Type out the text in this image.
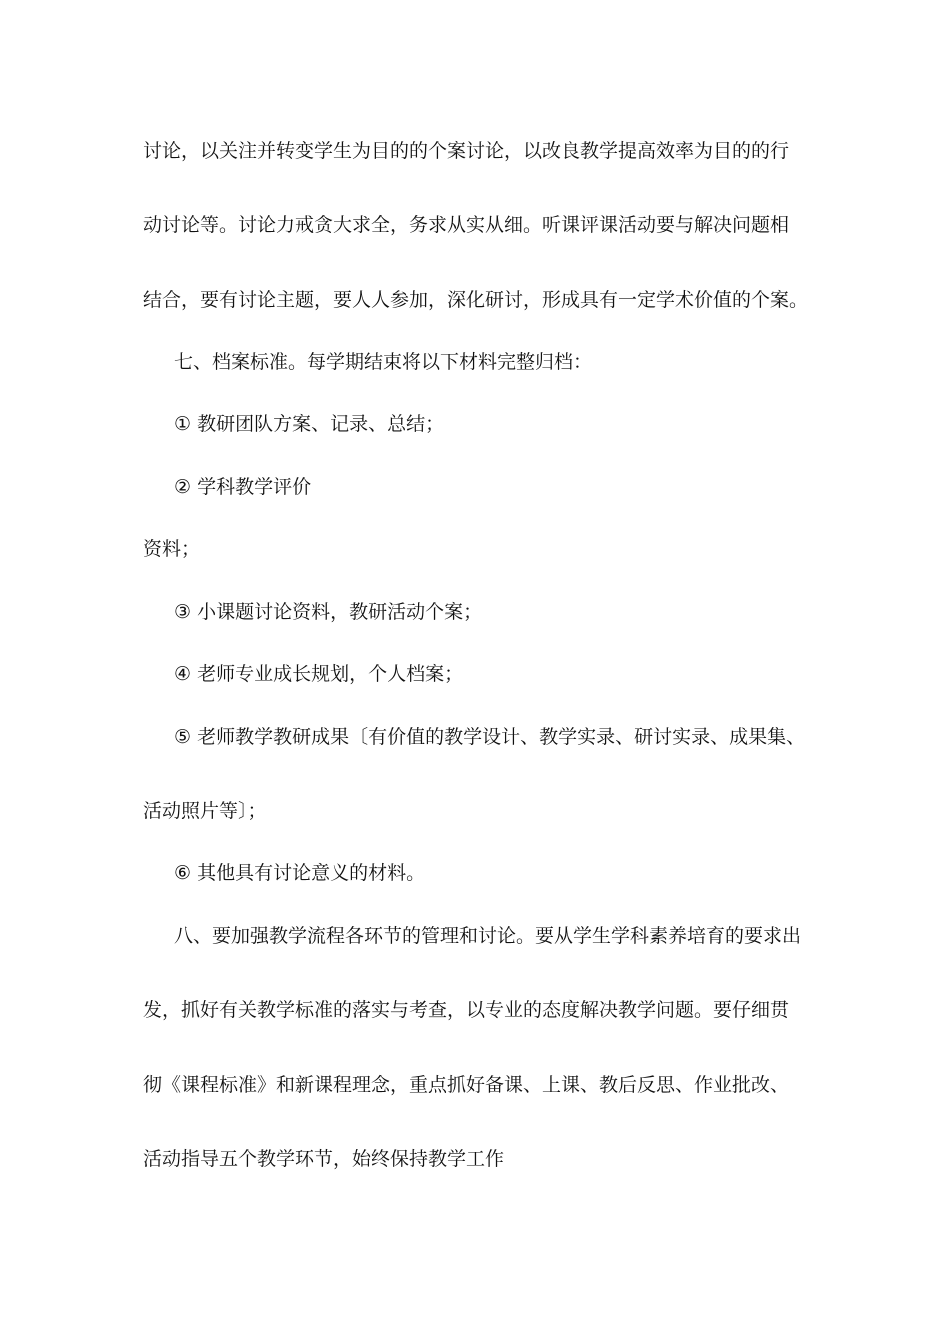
讨论，以关注并转变学生为目的的个案讨论，以改良教学提高效率为目的的行
动讨论等。讨论力戒贪大求全，务求从实从细。听课评课活动要与解决问题相
结合，要有讨论主题，要人人参加，深化研讨，形成具有一定学术价值的个案。
七、档案标准。每学期结束将以下材料完整归档：
① 教研团队方案、记录、总结；
② 学科教学评价
资料；
③ 小课题讨论资料，教研活动个案；
④ 老师专业成长规划，个人档案；
⑤ 老师教学教研成果〔有价值的教学设计、教学实录、研讨实录、成果集、
活动照片等〕；
⑥ 其他具有讨论意义的材料。
八、要加强教学流程各环节的管理和讨论。要从学生学科素养培育的要求出
发，抓好有关教学标准的落实与考查，以专业的态度解决教学问题。要仔细贯
彻《课程标准》和新课程理念，重点抓好备课、上课、教后反思、作业批改、
活动指导五个教学环节，始终保持教学工作
